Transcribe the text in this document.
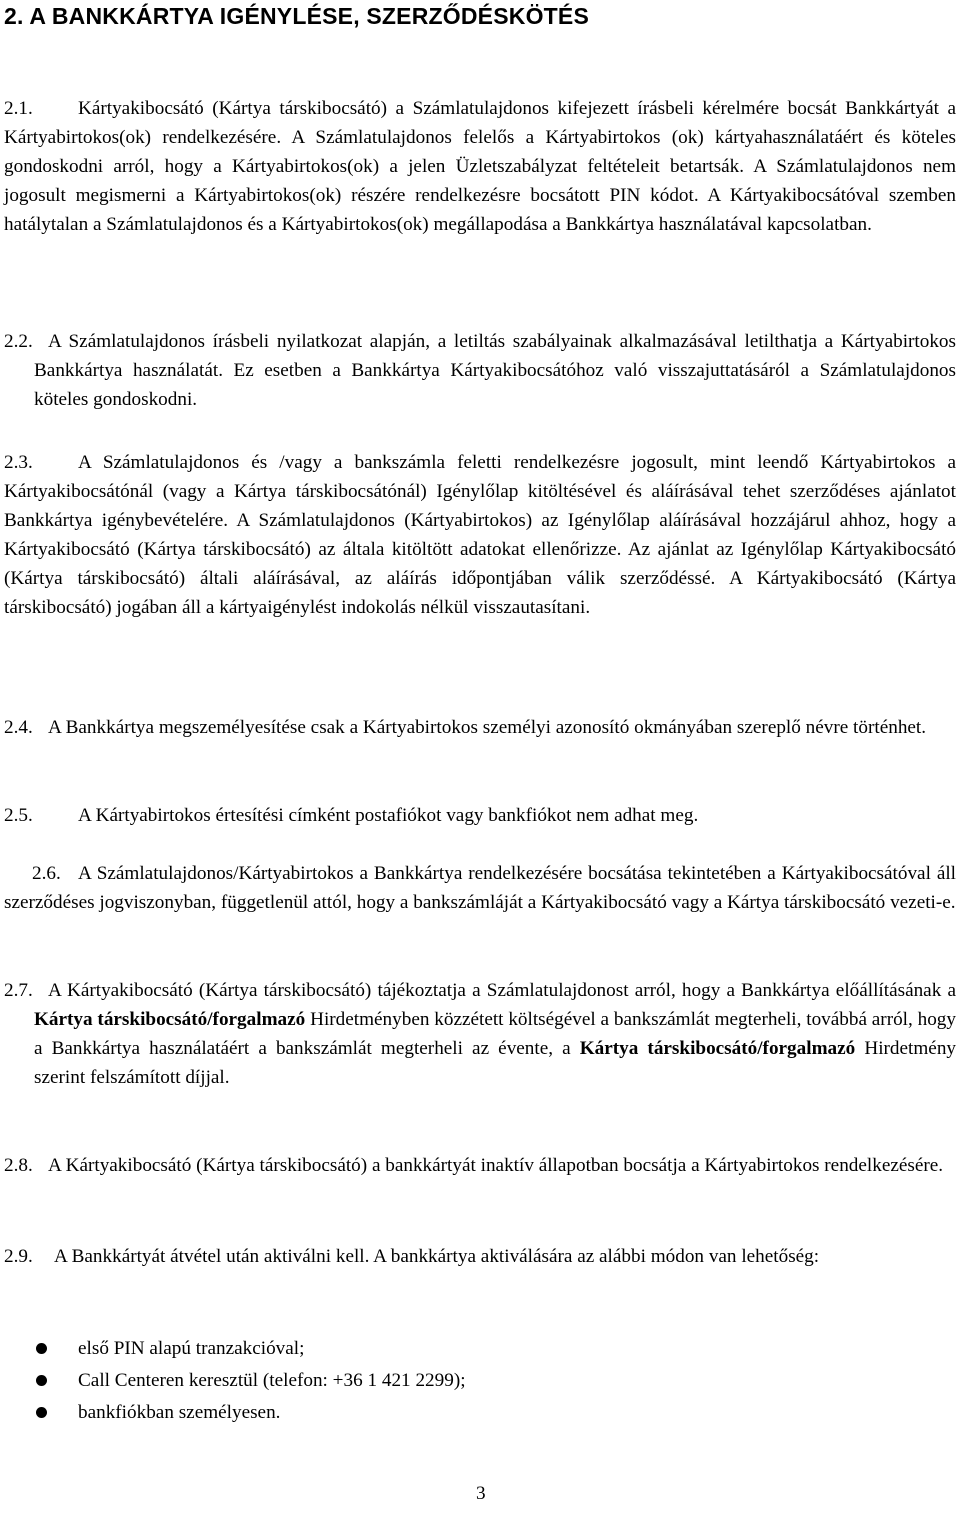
2. A BANKKÁRTYA IGÉNYLÉSE, SZERZŐDÉSKÖTÉS

2.1. Kártyakibocsátó (Kártya társkibocsátó) a Számlatulajdonos kifejezett írásbeli kérelmére bocsát Bankkártyát a Kártyabirtokos(ok) rendelkezésére. A Számlatulajdonos felelős a Kártyabirtokos (ok) kártyahasználatáért és köteles gondoskodni arról, hogy a Kártyabirtokos(ok) a jelen Üzletszabályzat feltételeit betartsák. A Számlatulajdonos nem jogosult megismerni a Kártyabirtokos(ok) részére rendelkezésre bocsátott PIN kódot. A Kártyakibocsátóval szemben hatálytalan a Számlatulajdonos és a Kártyabirtokos(ok) megállapodása a Bankkártya használatával kapcsolatban.

2.2. A Számlatulajdonos írásbeli nyilatkozat alapján, a letiltás szabályainak alkalmazásával letilthatja a Kártyabirtokos Bankkártya használatát. Ez esetben a Bankkártya Kártyakibocsátóhoz való visszajuttatásáról a Számlatulajdonos köteles gondoskodni.

2.3. A Számlatulajdonos és /vagy a bankszámla feletti rendelkezésre jogosult, mint leendő Kártyabirtokos a Kártyakibocsátónál (vagy a Kártya társkibocsátónál) Igénylőlap kitöltésével és aláírásával tehet szerződéses ajánlatot Bankkártya igénybevételére. A Számlatulajdonos (Kártyabirtokos) az Igénylőlap aláírásával hozzájárul ahhoz, hogy a Kártyakibocsátó (Kártya társkibocsátó) az általa kitöltött adatokat ellenőrizze. Az ajánlat az Igénylőlap Kártyakibocsátó (Kártya társkibocsátó) általi aláírásával, az aláírás időpontjában válik szerződéssé. A Kártyakibocsátó (Kártya társkibocsátó) jogában áll a kártyaigénylést indokolás nélkül visszautasítani.

2.4. A Bankkártya megszemélyesítése csak a Kártyabirtokos személyi azonosító okmányában szereplő névre történhet.

2.5. A Kártyabirtokos értesítési címként postafiókot vagy bankfiókot nem adhat meg.

2.6. A Számlatulajdonos/Kártyabirtokos a Bankkártya rendelkezésére bocsátása tekintetében a Kártyakibocsátóval áll szerződéses jogviszonyban, függetlenül attól, hogy a bankszámláját a Kártyakibocsátó vagy a Kártya társkibocsátó vezeti-e.

2.7. A Kártyakibocsátó (Kártya társkibocsátó) tájékoztatja a Számlatulajdonost arról, hogy a Bankkártya előállításának a Kártya társkibocsátó/forgalmazó Hirdetményben közzétett költségével a bankszámlát megterheli, továbbá arról, hogy a Bankkártya használatáért a bankszámlát megterheli az évente, a Kártya társkibocsátó/forgalmazó Hirdetmény szerint felszámított díjjal.

2.8. A Kártyakibocsátó (Kártya társkibocsátó) a bankkártyát inaktív állapotban bocsátja a Kártyabirtokos rendelkezésére.

2.9. A Bankkártyát átvétel után aktiválni kell. A bankkártya aktiválására az alábbi módon van lehetőség:

első PIN alapú tranzakcióval;
Call Centeren keresztül (telefon: +36 1 421 2299);
bankfiókban személyesen.
3
